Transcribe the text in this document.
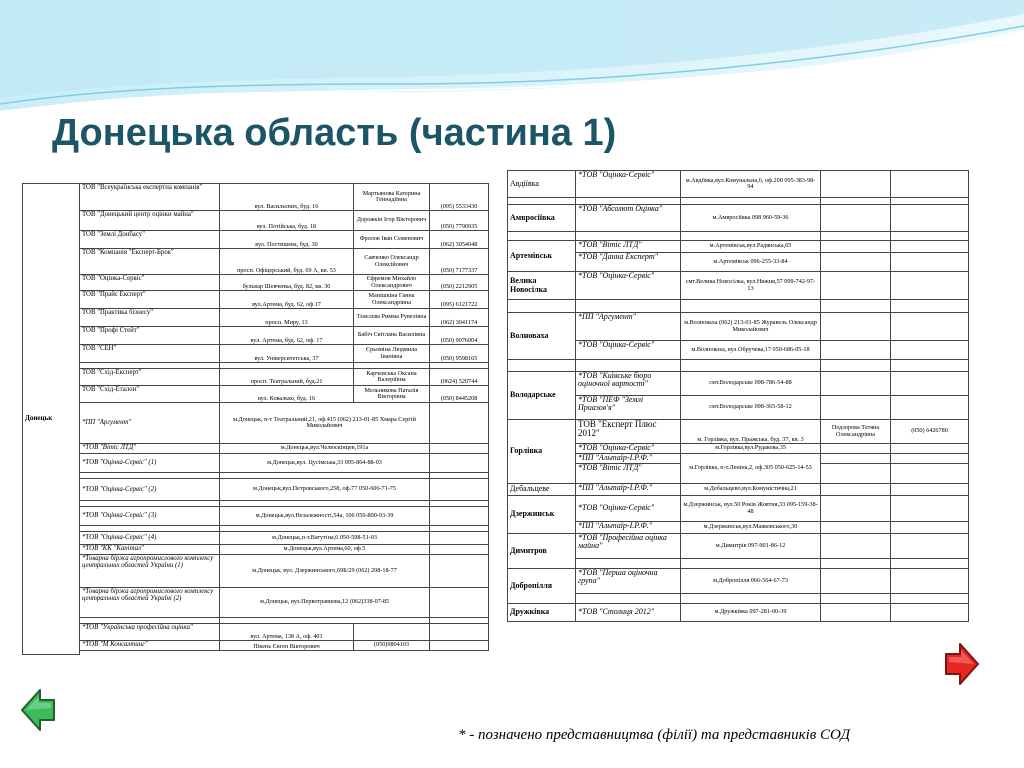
Донецька область (частина 1)
Донецьк	ТОВ "Всеукраїнська експертна компанія"	вул. Васильєвих, буд. 16	Мартьянова Катерина Геннадіївна	(095) 5533430
	ТОВ "Донецький центр оцінки майна"	вул. Потійська, буд. 18	Дорожкін Ігор Вікторович	(050) 7790935
	ТОВ "Землі Донбасу"	вул. Постишева, буд. 30	Фролов Іван Семенович	(062) 3054048
	ТОВ "Компанія "Експерт-Брок"	просп. Офіцерський, буд. 69 А, кв. 53	Савченко Олександр Олексійович	(050) 7177337
	ТОВ "Оцінка-Сервіс"	бульвар Шевченка, буд. 82, кв. 30	Єфремов Михайло Олександрович	(050) 2212905
	ТОВ "Прайс Експерт"	вул.Артема, буд. 62, оф.17	Манішкіна Ганна Олександрівна	(095) 6121722
	ТОВ "Практика бізнесу"	просп. Миру, 13	Тєвєлєва Римма Рувелівна	(062) 3041174
	ТОВ "Профі Стейт"	вул. Артема, буд. 62, оф. 17	Бабіч Світлана Василівна	(050) 9076004
	ТОВ "СЕН"	вул. Університетська, 37	Єрьоміна Людмила Іванівна	(050) 9598165

	ТОВ "Схід-Експерт"	просп. Театральний, буд.21	Карчевська Оксана Валеріївна	(0624) 520744
	ТОВ "Схід-Еталон"	вул. Ковалько, буд. 16	Мельникова Наталія Вікторівна	(050) 8445208
	*ПП "Аргумент"	м.Донецьк, п-т Театральний,21, оф.415 (062) 213-01-85 Хмара Сергій Миколайович		
	*ТОВ "Вітіс ЛТД"	м.Донецьк,вул.Челюскінцев,191а		
	*ТОВ "Оцінка-Сервіс" (1)	м.Донецьк,вул. Цусімська,33 095-864-88-03		

	*ТОВ "Оцінка-Сервіс" (2)	м.Донецьк,вул.Петровського,258, оф.77 050-606-71-75		

	*ТОВ "Оцінка-Сервіс" (3)	м.Донецьк,вул.Незалежності,54а, 106 050-800-93-39		

	*ТОВ "Оцінка-Сервіс" (4)	м.Донецьк,п-т.Ватутіна,6 050-598-51-03		
	*ТОВ "КК "Капітал"	м.Донецьк,вул.Артема,60, оф.5		
	*Товарна біржа агропромислового комплексу центральних областей України (1)	м.Донецьк, вул. Дзержинського,69Б/29 (062) 208-18-77		
	*Товарна біржа агропромислового комплексу центральних областей Україні (2)	м.Донецьк, вул.Первотравнева,12 (062)338-07-85		

	*ТОВ "Українська професійна оцінка"	вул. Артема, 138 А, оф. 401		
	*ТОВ "М Консалтинг"	Пікень Євген Вікторович	(050)9804103	

Авдіївка	*ТОВ "Оцінка-Сервіс"	м.Авдіївка,вул.Комунальна,6, оф.200 095-383-98-94		

Амвросіївка	*ТОВ "Абсолют Оцінка"	м.Амвросіївка 098 960-59-36		

Артемівськ	*ТОВ "Вітіс ЛТД"	м.Артемівськ,вул.Радянська,65		
	*ТОВ "Данна Експерт"	м.Артемівськ 096-255-33-84		
Велика Новосілка	*ТОВ "Оцінка-Сервіс"	смт.Велика Новосілка, вул.Нижня,57 099-742-97-13		

Волноваха	*ПП "Аргумент"	м.Волноваха (062) 213-01-85 Журавель Олександр Миколайович		
	*ТОВ "Оцінка-Сервіс"	м.Волноваха, вул.Обручева,17 050-686-05-18		

Володарське	*ТОВ "Київське бюро оціночної вартості"	смт.Володарське 098-786-54-88		
	*ТОВ "ПЕФ "Землі Приазов'я"	смт.Володарське 098-365-58-12		
Горлівка	ТОВ "Експерт Плюс 2012"	м. Горлівка, вул. Пражська, буд. 37, кв. 3	Подзорова Тетяна Олександрівна	(050) 6426780
	*ТОВ "Оцінка-Сервіс"	м.Горлівка,вул.Рудакова,35		
	*ПП "Альтаїр-І.Р.Ф."	м.Горлівка, п-т.Леніна,2, оф.305 050-625-14-53		
	*ТОВ "Вітіс ЛТД"			
Дебальцеве	*ПП "Альтаїр-І.Р.Ф."	м.Дебальцево,вул.Комуністична,21		
Дзержинськ	*ТОВ "Оцінка-Сервіс"	м.Дзержинськ, вул.50 Років Жовтня,33 095-159-38-48		
	*ПП "Альтаїр-І.Р.Ф."	м.Дзержинськ,вул.Маяковського,30		
Димитров	*ТОВ "Професійна оцінка майна"	м.Димитрів 097-901-86-12		

Добропілля	*ТОВ "Перша оціночна група"	м.Добропілля 066-564-67-73		

Дружківка	*ТОВ "Столиця 2012"	м.Дружківка 097-281-00-39		
* - позначено представництва (філії) та представників СОД
